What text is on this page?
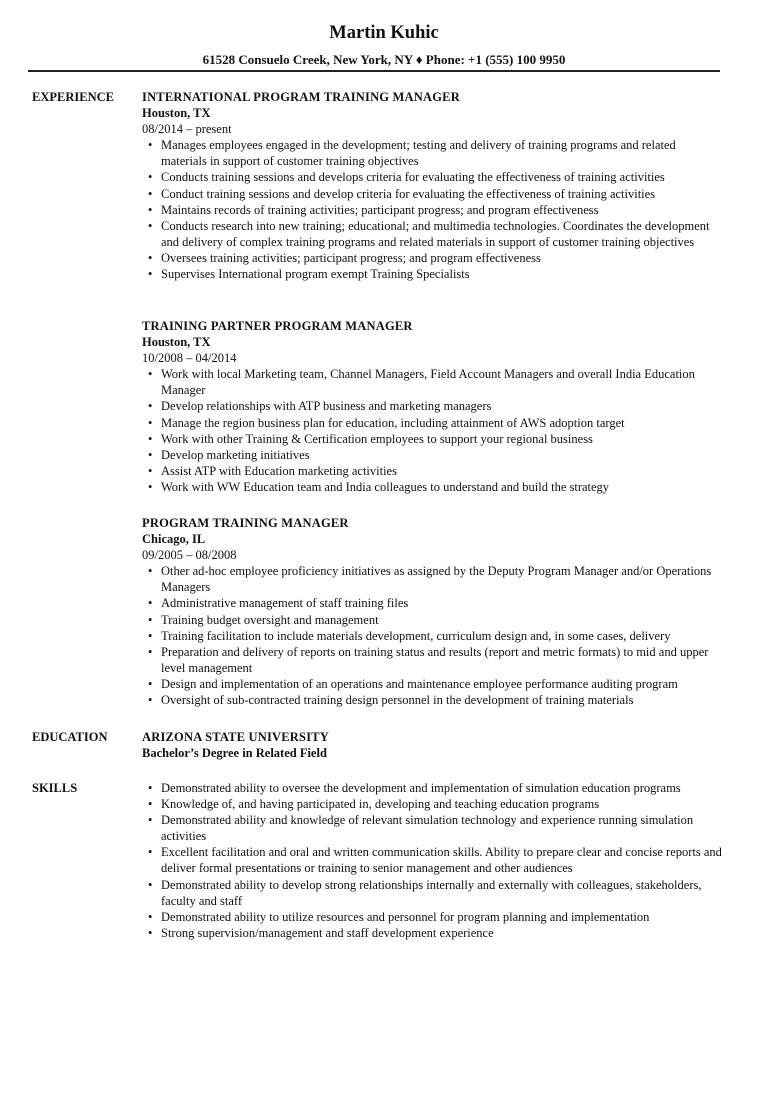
Martin Kuhic
61528 Consuelo Creek, New York, NY ♦ Phone: +1 (555) 100 9950
EXPERIENCE INTERNATIONAL PROGRAM TRAINING MANAGER
Houston, TX
08/2014 – present
• Manages employees engaged in the development; testing and delivery of training programs and related materials in support of customer training objectives
• Conducts training sessions and develops criteria for evaluating the effectiveness of training activities
• Conduct training sessions and develop criteria for evaluating the effectiveness of training activities
• Maintains records of training activities; participant progress; and program effectiveness
• Conducts research into new training; educational; and multimedia technologies. Coordinates the development and delivery of complex training programs and related materials in support of customer training objectives
• Oversees training activities; participant progress; and program effectiveness
• Supervises International program exempt Training Specialists
TRAINING PARTNER PROGRAM MANAGER
Houston, TX
10/2008 – 04/2014
• Work with local Marketing team, Channel Managers, Field Account Managers and overall India Education Manager
• Develop relationships with ATP business and marketing managers
• Manage the region business plan for education, including attainment of AWS adoption target
• Work with other Training & Certification employees to support your regional business
• Develop marketing initiatives
• Assist ATP with Education marketing activities
• Work with WW Education team and India colleagues to understand and build the strategy
PROGRAM TRAINING MANAGER
Chicago, IL
09/2005 – 08/2008
• Other ad-hoc employee proficiency initiatives as assigned by the Deputy Program Manager and/or Operations Managers
• Administrative management of staff training files
• Training budget oversight and management
• Training facilitation to include materials development, curriculum design and, in some cases, delivery
• Preparation and delivery of reports on training status and results (report and metric formats) to mid and upper level management
• Design and implementation of an operations and maintenance employee performance auditing program
• Oversight of sub-contracted training design personnel in the development of training materials
EDUCATION	ARIZONA STATE UNIVERSITY
Bachelor’s Degree in Related Field
SKILLS
•	Demonstrated ability to oversee the development and implementation of simulation education programs
• Knowledge of, and having participated in, developing and teaching education programs
• Demonstrated ability and knowledge of relevant simulation technology and experience running simulation activities
• Excellent facilitation and oral and written communication skills. Ability to prepare clear and concise reports and deliver formal presentations or training to senior management and other audiences
• Demonstrated ability to develop strong relationships internally and externally with colleagues, stakeholders, faculty and staff
• Demonstrated ability to utilize resources and personnel for program planning and implementation
• Strong supervision/management and staff development experience
